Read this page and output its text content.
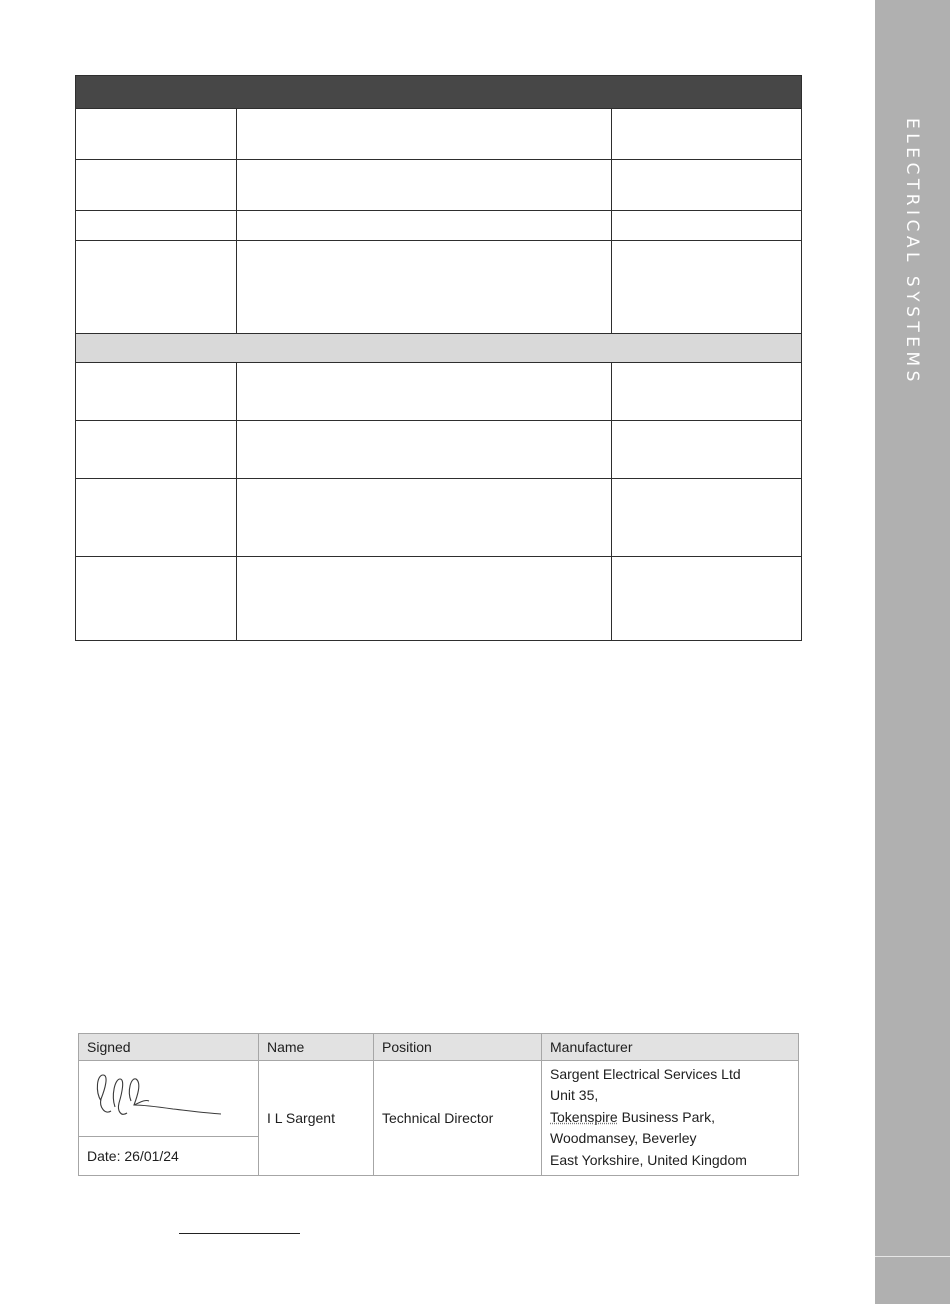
ELECTRICAL SYSTEMS

Signed	Name	Position	Manufacturer
	I L Sargent	Technical Director	Sargent Electrical Services Ltd
Unit 35,
Tokenspire Business Park,
Woodmansey, Beverley
East Yorkshire, United Kingdom

Date: 26/01/24			
